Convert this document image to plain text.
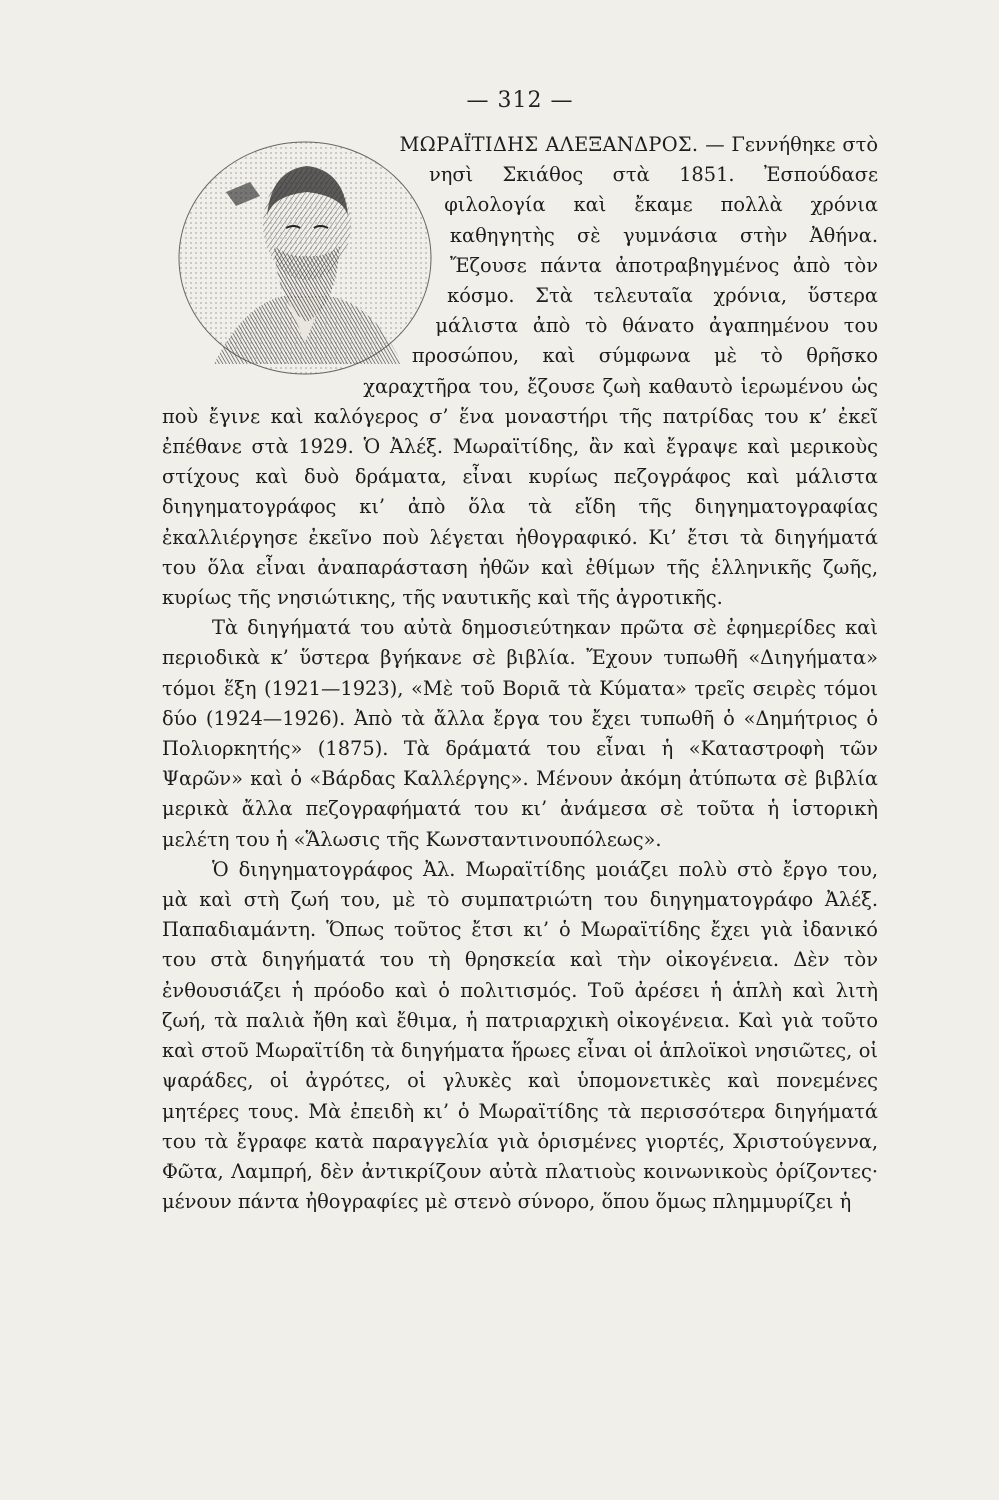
— 312 —

ΜΩΡΑΪΤΙΔΗΣ ΑΛΕΞΑΝΔΡΟΣ. — Γεννήθηκε στὸ νησὶ Σκιάθος στὰ 1851. Ἐσπούδασε φιλολογία καὶ ἔκαμε πολλὰ χρόνια καθηγητὴς σὲ γυμνάσια στὴν Ἀθήνα. Ἔζουσε πάντα ἀποτραβηγμένος ἀπὸ τὸν κόσμο. Στὰ τελευταῖα χρόνια, ὕστερα μάλιστα ἀπὸ τὸ θάνατο ἀγαπημένου του προσώπου, καὶ σύμφωνα μὲ τὸ θρῆσκο χαραχτῆρα του, ἔζουσε ζωὴ καθαυτὸ ἱερωμένου ὡς ποὺ ἔγινε καὶ καλόγερος σ’ ἕνα μοναστήρι τῆς πατρίδας του κ’ ἐκεῖ ἐπέθανε στὰ 1929. Ὁ Ἀλέξ. Μωραϊτίδης, ἂν καὶ ἔγραψε καὶ μερικοὺς στίχους καὶ δυὸ δράματα, εἶναι κυρίως πεζογράφος καὶ μάλιστα διηγηματογράφος κι’ ἀπὸ ὅλα τὰ εἴδη τῆς διηγηματογραφίας ἐκαλλιέργησε ἐκεῖνο ποὺ λέγεται ἠθογραφικό. Κι’ ἔτσι τὰ διηγήματά του ὅλα εἶναι ἀναπαράσταση ἠθῶν καὶ ἐθίμων τῆς ἑλληνικῆς ζωῆς, κυρίως τῆς νησιώτικης, τῆς ναυτικῆς καὶ τῆς ἀγροτικῆς.

Τὰ διηγήματά του αὐτὰ δημοσιεύτηκαν πρῶτα σὲ ἐφημερίδες καὶ περιοδικὰ κ’ ὕστερα βγήκανε σὲ βιβλία. Ἔχουν τυπωθῆ «Διηγήματα» τόμοι ἕξη (1921—1923), «Μὲ τοῦ Βοριᾶ τὰ Κύματα» τρεῖς σειρὲς τόμοι δύο (1924—1926). Ἀπὸ τὰ ἄλλα ἔργα του ἔχει τυπωθῆ ὁ «Δημήτριος ὁ Πολιορκητής» (1875). Τὰ δράματά του εἶναι ἡ «Καταστροφὴ τῶν Ψαρῶν» καὶ ὁ «Βάρδας Καλλέργης». Μένουν ἀκόμη ἀτύπωτα σὲ βιβλία μερικὰ ἄλλα πεζογραφήματά του κι’ ἀνάμεσα σὲ τοῦτα ἡ ἱστορικὴ μελέτη του ἡ «Ἅλωσις τῆς Κωνσταντινουπόλεως».

Ὁ διηγηματογράφος Ἀλ. Μωραϊτίδης μοιάζει πολὺ στὸ ἔργο του, μὰ καὶ στὴ ζωή του, μὲ τὸ συμπατριώτη του διηγηματογράφο Ἀλέξ. Παπαδιαμάντη. Ὅπως τοῦτος ἔτσι κι’ ὁ Μωραϊτίδης ἔχει γιὰ ἰδανικό του στὰ διηγήματά του τὴ θρησκεία καὶ τὴν οἰκογένεια. Δὲν τὸν ἐνθουσιάζει ἡ πρόοδο καὶ ὁ πολιτισμός. Τοῦ ἀρέσει ἡ ἁπλὴ καὶ λιτὴ ζωή, τὰ παλιὰ ἤθη καὶ ἔθιμα, ἡ πατριαρχικὴ οἰκογένεια. Καὶ γιὰ τοῦτο καὶ στοῦ Μωραϊτίδη τὰ διηγήματα ἥρωες εἶναι οἱ ἁπλοϊκοὶ νησιῶτες, οἱ ψαράδες, οἱ ἀγρότες, οἱ γλυκὲς καὶ ὑπομονετικὲς καὶ πονεμένες μητέρες τους. Μὰ ἐπειδὴ κι’ ὁ Μωραϊτίδης τὰ περισσότερα διηγήματά του τὰ ἔγραφε κατὰ παραγγελία γιὰ ὁρισμένες γιορτές, Χριστούγεννα, Φῶτα, Λαμπρή, δὲν ἀντικρίζουν αὐτὰ πλατιοὺς κοινωνικοὺς ὁρίζοντες· μένουν πάντα ἠθογραφίες μὲ στενὸ σύνορο, ὅπου ὅμως πλημμυρίζει ἡ
